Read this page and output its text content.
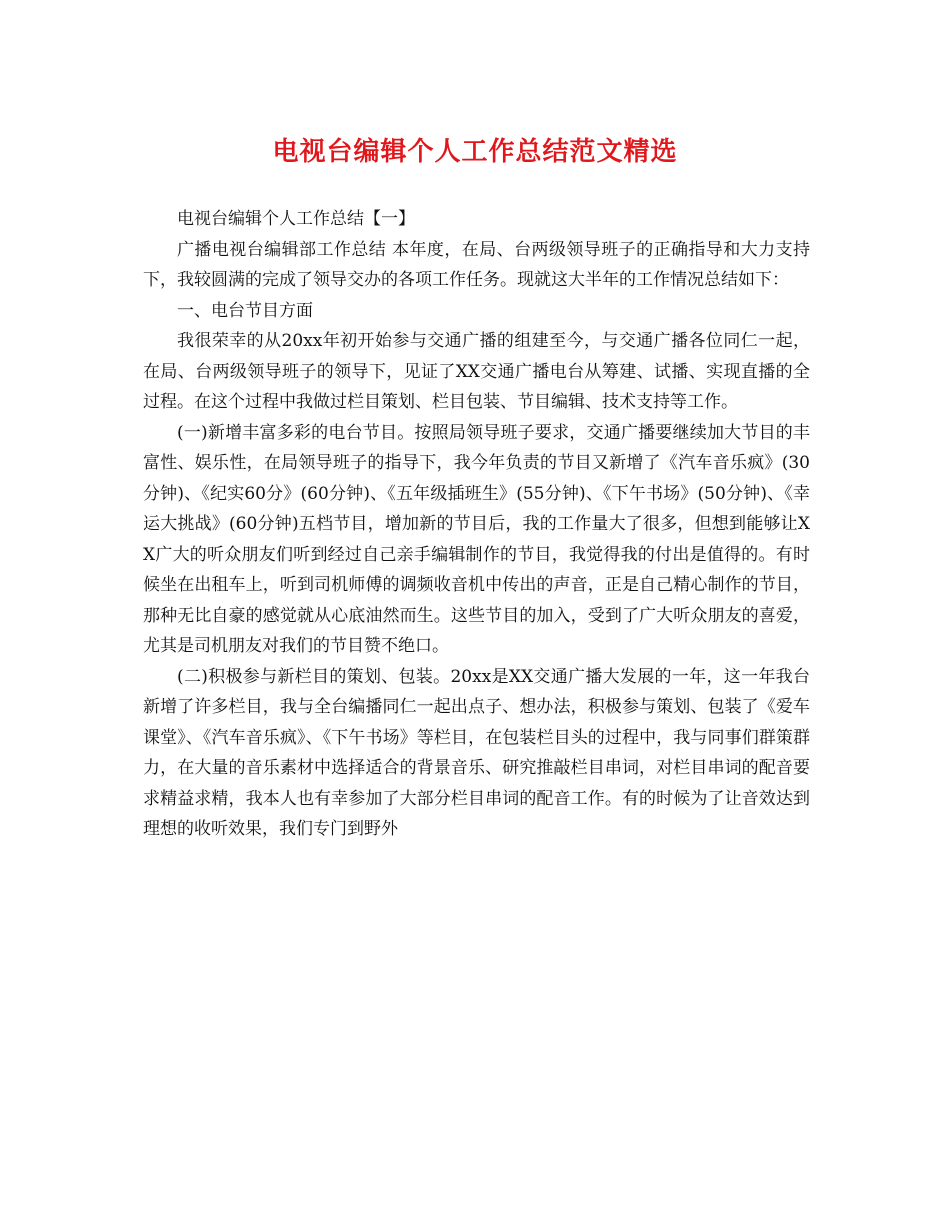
电视台编辑个人工作总结范文精选

电视台编辑个人工作总结【一】

广播电视台编辑部工作总结 本年度，在局、台两级领导班子的正确指导和大力支持下，我较圆满的完成了领导交办的各项工作任务。现就这大半年的工作情况总结如下：

一、电台节目方面

我很荣幸的从20xx年初开始参与交通广播的组建至今，与交通广播各位同仁一起，在局、台两级领导班子的领导下，见证了XX交通广播电台从筹建、试播、实现直播的全过程。在这个过程中我做过栏目策划、栏目包装、节目编辑、技术支持等工作。

(一)新增丰富多彩的电台节目。按照局领导班子要求，交通广播要继续加大节目的丰富性、娱乐性，在局领导班子的指导下，我今年负责的节目又新增了《汽车音乐疯》(30分钟)、《纪实60分》(60分钟)、《五年级插班生》(55分钟)、《下午书场》(50分钟)、《幸运大挑战》(60分钟)五档节目，增加新的节目后，我的工作量大了很多，但想到能够让XX广大的听众朋友们听到经过自己亲手编辑制作的节目，我觉得我的付出是值得的。有时候坐在出租车上，听到司机师傅的调频收音机中传出的声音，正是自己精心制作的节目，那种无比自豪的感觉就从心底油然而生。这些节目的加入，受到了广大听众朋友的喜爱，尤其是司机朋友对我们的节目赞不绝口。

(二)积极参与新栏目的策划、包装。20xx是XX交通广播大发展的一年，这一年我台新增了许多栏目，我与全台编播同仁一起出点子、想办法，积极参与策划、包装了《爱车课堂》、《汽车音乐疯》、《下午书场》等栏目，在包装栏目头的过程中，我与同事们群策群力，在大量的音乐素材中选择适合的背景音乐、研究推敲栏目串词，对栏目串词的配音要求精益求精，我本人也有幸参加了大部分栏目串词的配音工作。有的时候为了让音效达到理想的收听效果，我们专门到野外
